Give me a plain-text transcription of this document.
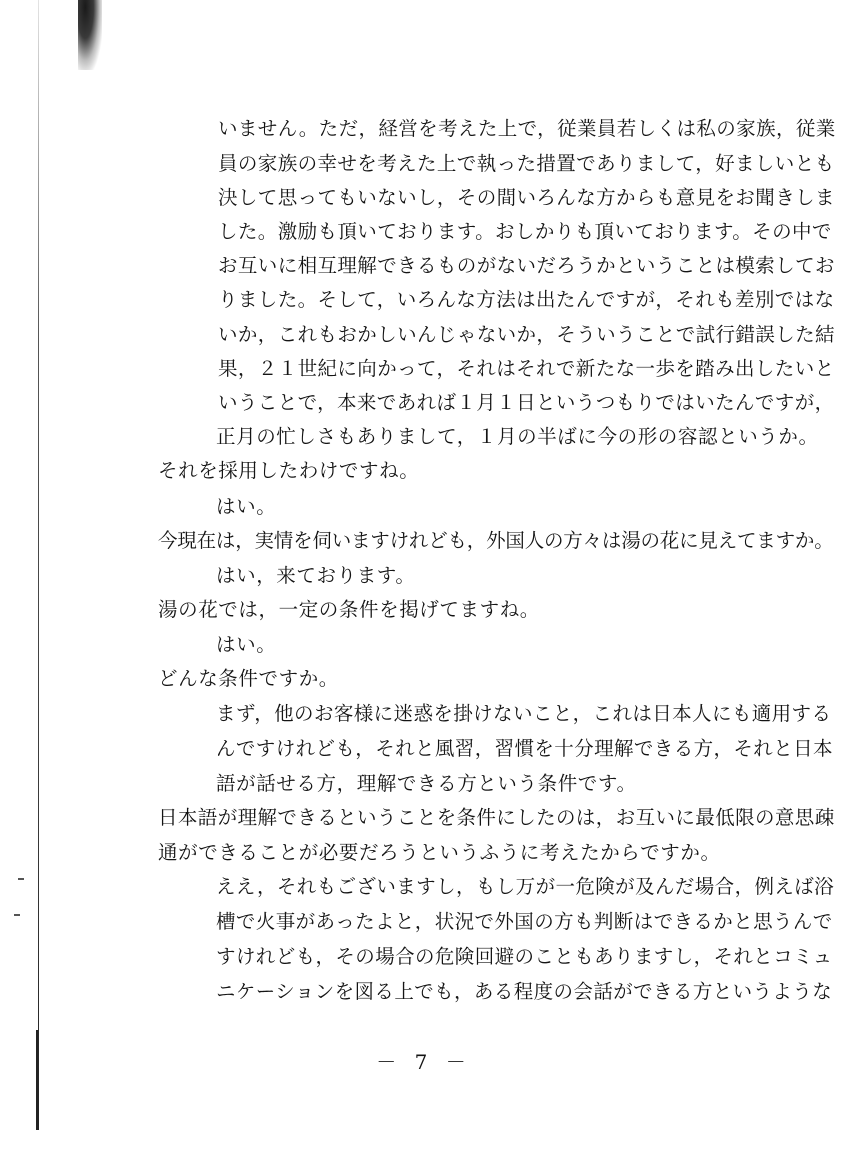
いません。ただ，経営を考えた上で，従業員若しくは私の家族，従業

員の家族の幸せを考えた上で執った措置でありまして，好ましいとも

決して思ってもいないし，その間いろんな方からも意見をお聞きしま

した。激励も頂いております。おしかりも頂いております。その中で

お互いに相互理解できるものがないだろうかということは模索してお

りました。そして，いろんな方法は出たんですが，それも差別ではな

いか，これもおかしいんじゃないか，そういうことで試行錯誤した結

果，２１世紀に向かって，それはそれで新たな一歩を踏み出したいと

いうことで，本来であれば１月１日というつもりではいたんですが，

正月の忙しさもありまして，１月の半ばに今の形の容認というか。

それを採用したわけですね。

はい。

今現在は，実情を伺いますけれども，外国人の方々は湯の花に見えてますか。

はい，来ております。

湯の花では，一定の条件を掲げてますね。

はい。

どんな条件ですか。

まず，他のお客様に迷惑を掛けないこと，これは日本人にも適用する

んですけれども，それと風習，習慣を十分理解できる方，それと日本

語が話せる方，理解できる方という条件です。

日本語が理解できるということを条件にしたのは，お互いに最低限の意思疎

通ができることが必要だろうというふうに考えたからですか。

ええ，それもございますし，もし万が一危険が及んだ場合，例えば浴

槽で火事があったよと，状況で外国の方も判断はできるかと思うんで

すけれども，その場合の危険回避のこともありますし，それとコミュ

ニケーションを図る上でも，ある程度の会話ができる方というような

－ 7 －
